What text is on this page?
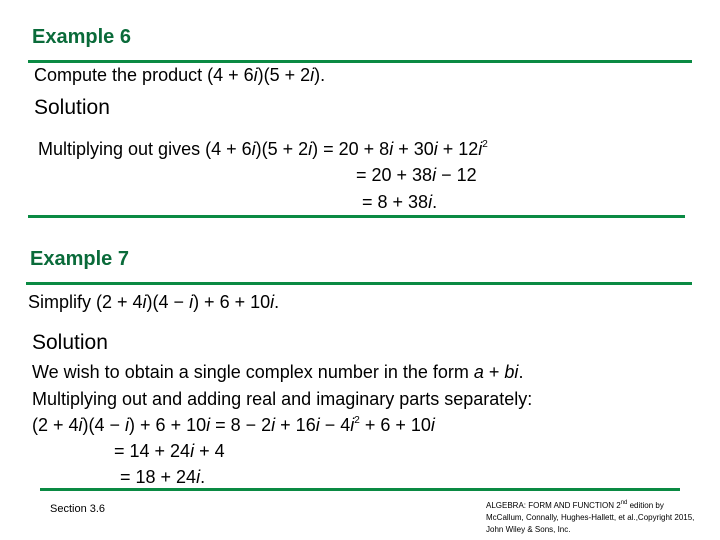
Example 6
Compute the product (4 + 6i)(5 + 2i).
Solution
Multiplying out gives $(4 + 6i)(5 + 2i) = 20 + 8i + 30i + 12i^2$
= 20 + 38i − 12
= 8 + 38i.
Example 7
Simplify (2 + 4i)(4 − i) + 6 + 10i.
Solution
We wish to obtain a single complex number in the form a + bi.
Multiplying out and adding real and imaginary parts separately:
$(2 + 4i)(4 - i) + 6 + 10i = 8 - 2i + 16i - 4i^2 + 6 + 10i$
= 14 + 24i + 4
= 18 + 24i.
Section 3.6	ALGEBRA: FORM AND FUNCTION 2nd edition by McCallum, Connally, Hughes-Hallett, et al.,Copyright 2015, John Wiley & Sons, Inc.
